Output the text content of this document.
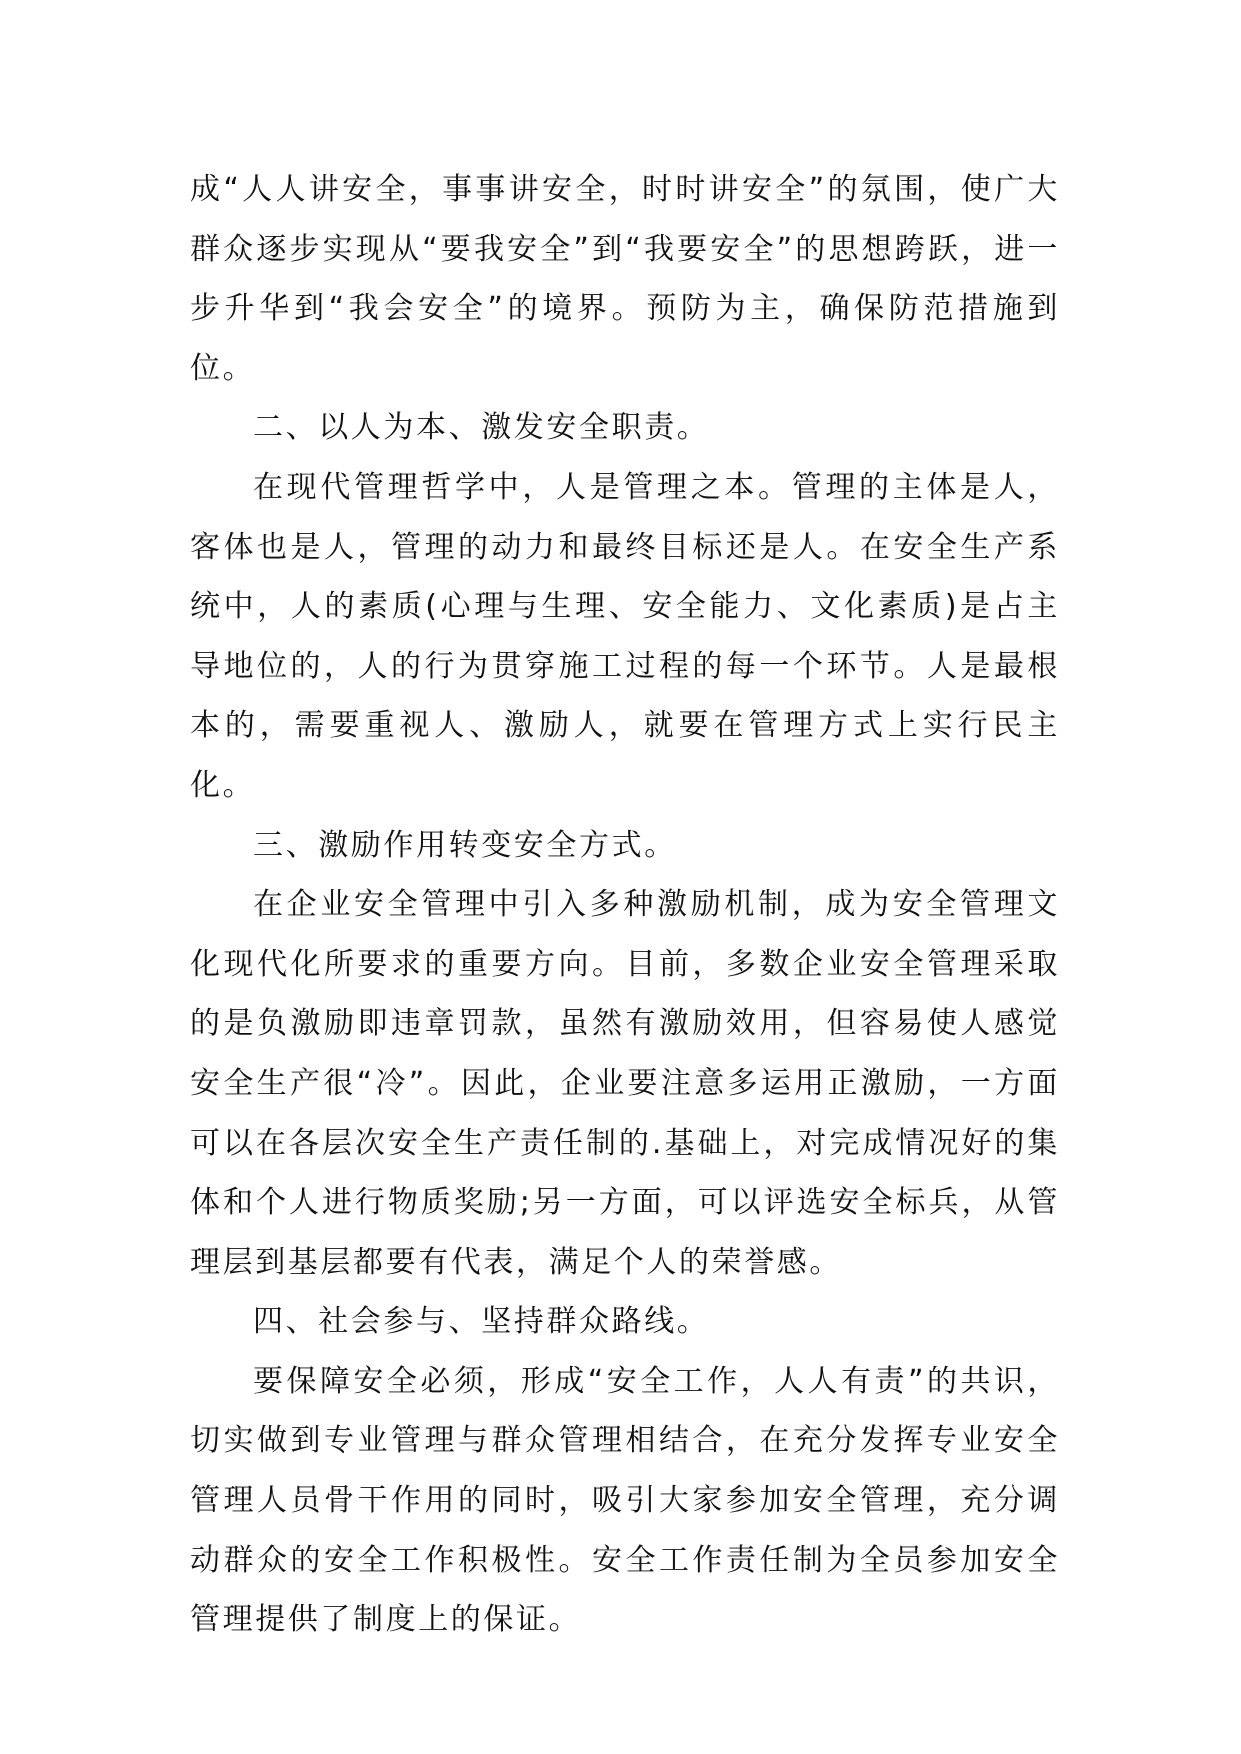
成“人人讲安全，事事讲安全，时时讲安全”的氛围，使广大群众逐步实现从“要我安全”到“我要安全”的思想跨跃，进一步升华到“我会安全”的境界。预防为主，确保防范措施到位。

二、以人为本、激发安全职责。

在现代管理哲学中，人是管理之本。管理的主体是人，客体也是人，管理的动力和最终目标还是人。在安全生产系统中，人的素质(心理与生理、安全能力、文化素质)是占主导地位的，人的行为贯穿施工过程的每一个环节。人是最根本的，需要重视人、激励人，就要在管理方式上实行民主化。

三、激励作用转变安全方式。

在企业安全管理中引入多种激励机制，成为安全管理文化现代化所要求的重要方向。目前，多数企业安全管理采取的是负激励即违章罚款，虽然有激励效用，但容易使人感觉安全生产很“冷”。因此，企业要注意多运用正激励，一方面可以在各层次安全生产责任制的.基础上，对完成情况好的集体和个人进行物质奖励;另一方面，可以评选安全标兵，从管理层到基层都要有代表，满足个人的荣誉感。

四、社会参与、坚持群众路线。

要保障安全必须，形成“安全工作，人人有责”的共识，切实做到专业管理与群众管理相结合，在充分发挥专业安全管理人员骨干作用的同时，吸引大家参加安全管理，充分调动群众的安全工作积极性。安全工作责任制为全员参加安全管理提供了制度上的保证。
